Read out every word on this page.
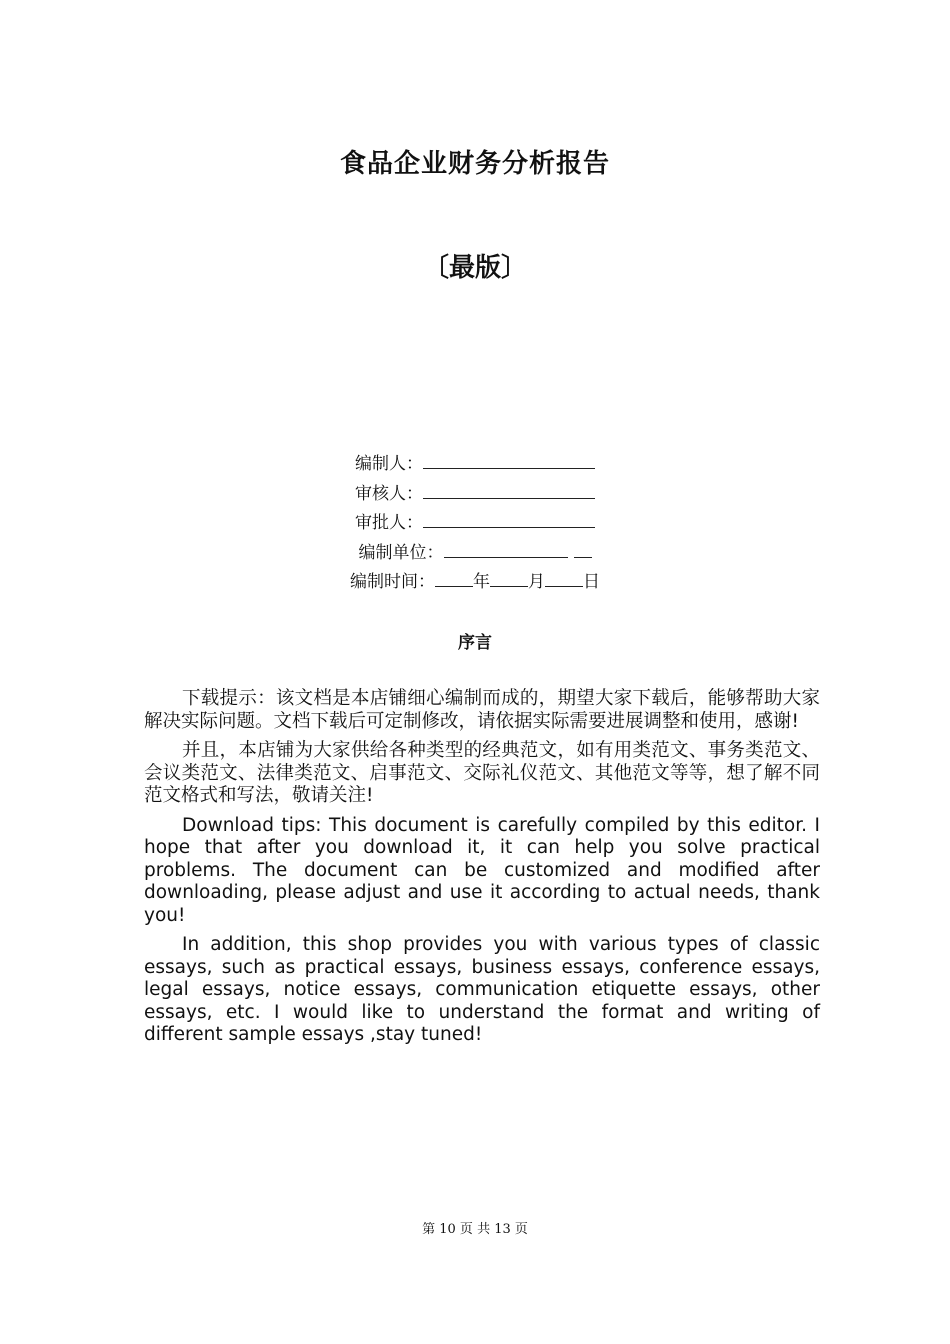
食品企业财务分析报告
〔最版〕
编制人：
审核人：
审批人：
编制单位：
编制时间： 年 月 日
序言

下载提示：该文档是本店铺细心编制而成的，期望大家下载后，能够帮助大家解决实际问题。文档下载后可定制修改，请依据实际需要进展调整和使用，感谢!

并且，本店铺为大家供给各种类型的经典范文，如有用类范文、事务类范文、会议类范文、法律类范文、启事范文、交际礼仪范文、其他范文等等，想了解不同范文格式和写法，敬请关注!

Download tips: This document is carefully compiled by this editor. I hope that after you download it, it can help you solve practical problems. The document can be customized and modified after downloading, please adjust and use it according to actual needs, thank you!

In addition, this shop provides you with various types of classic essays, such as practical essays, business essays, conference essays, legal essays, notice essays, communication etiquette essays, other essays, etc. I would like to understand the format and writing of different sample essays ,stay tuned!

第 10 页 共 13 页
